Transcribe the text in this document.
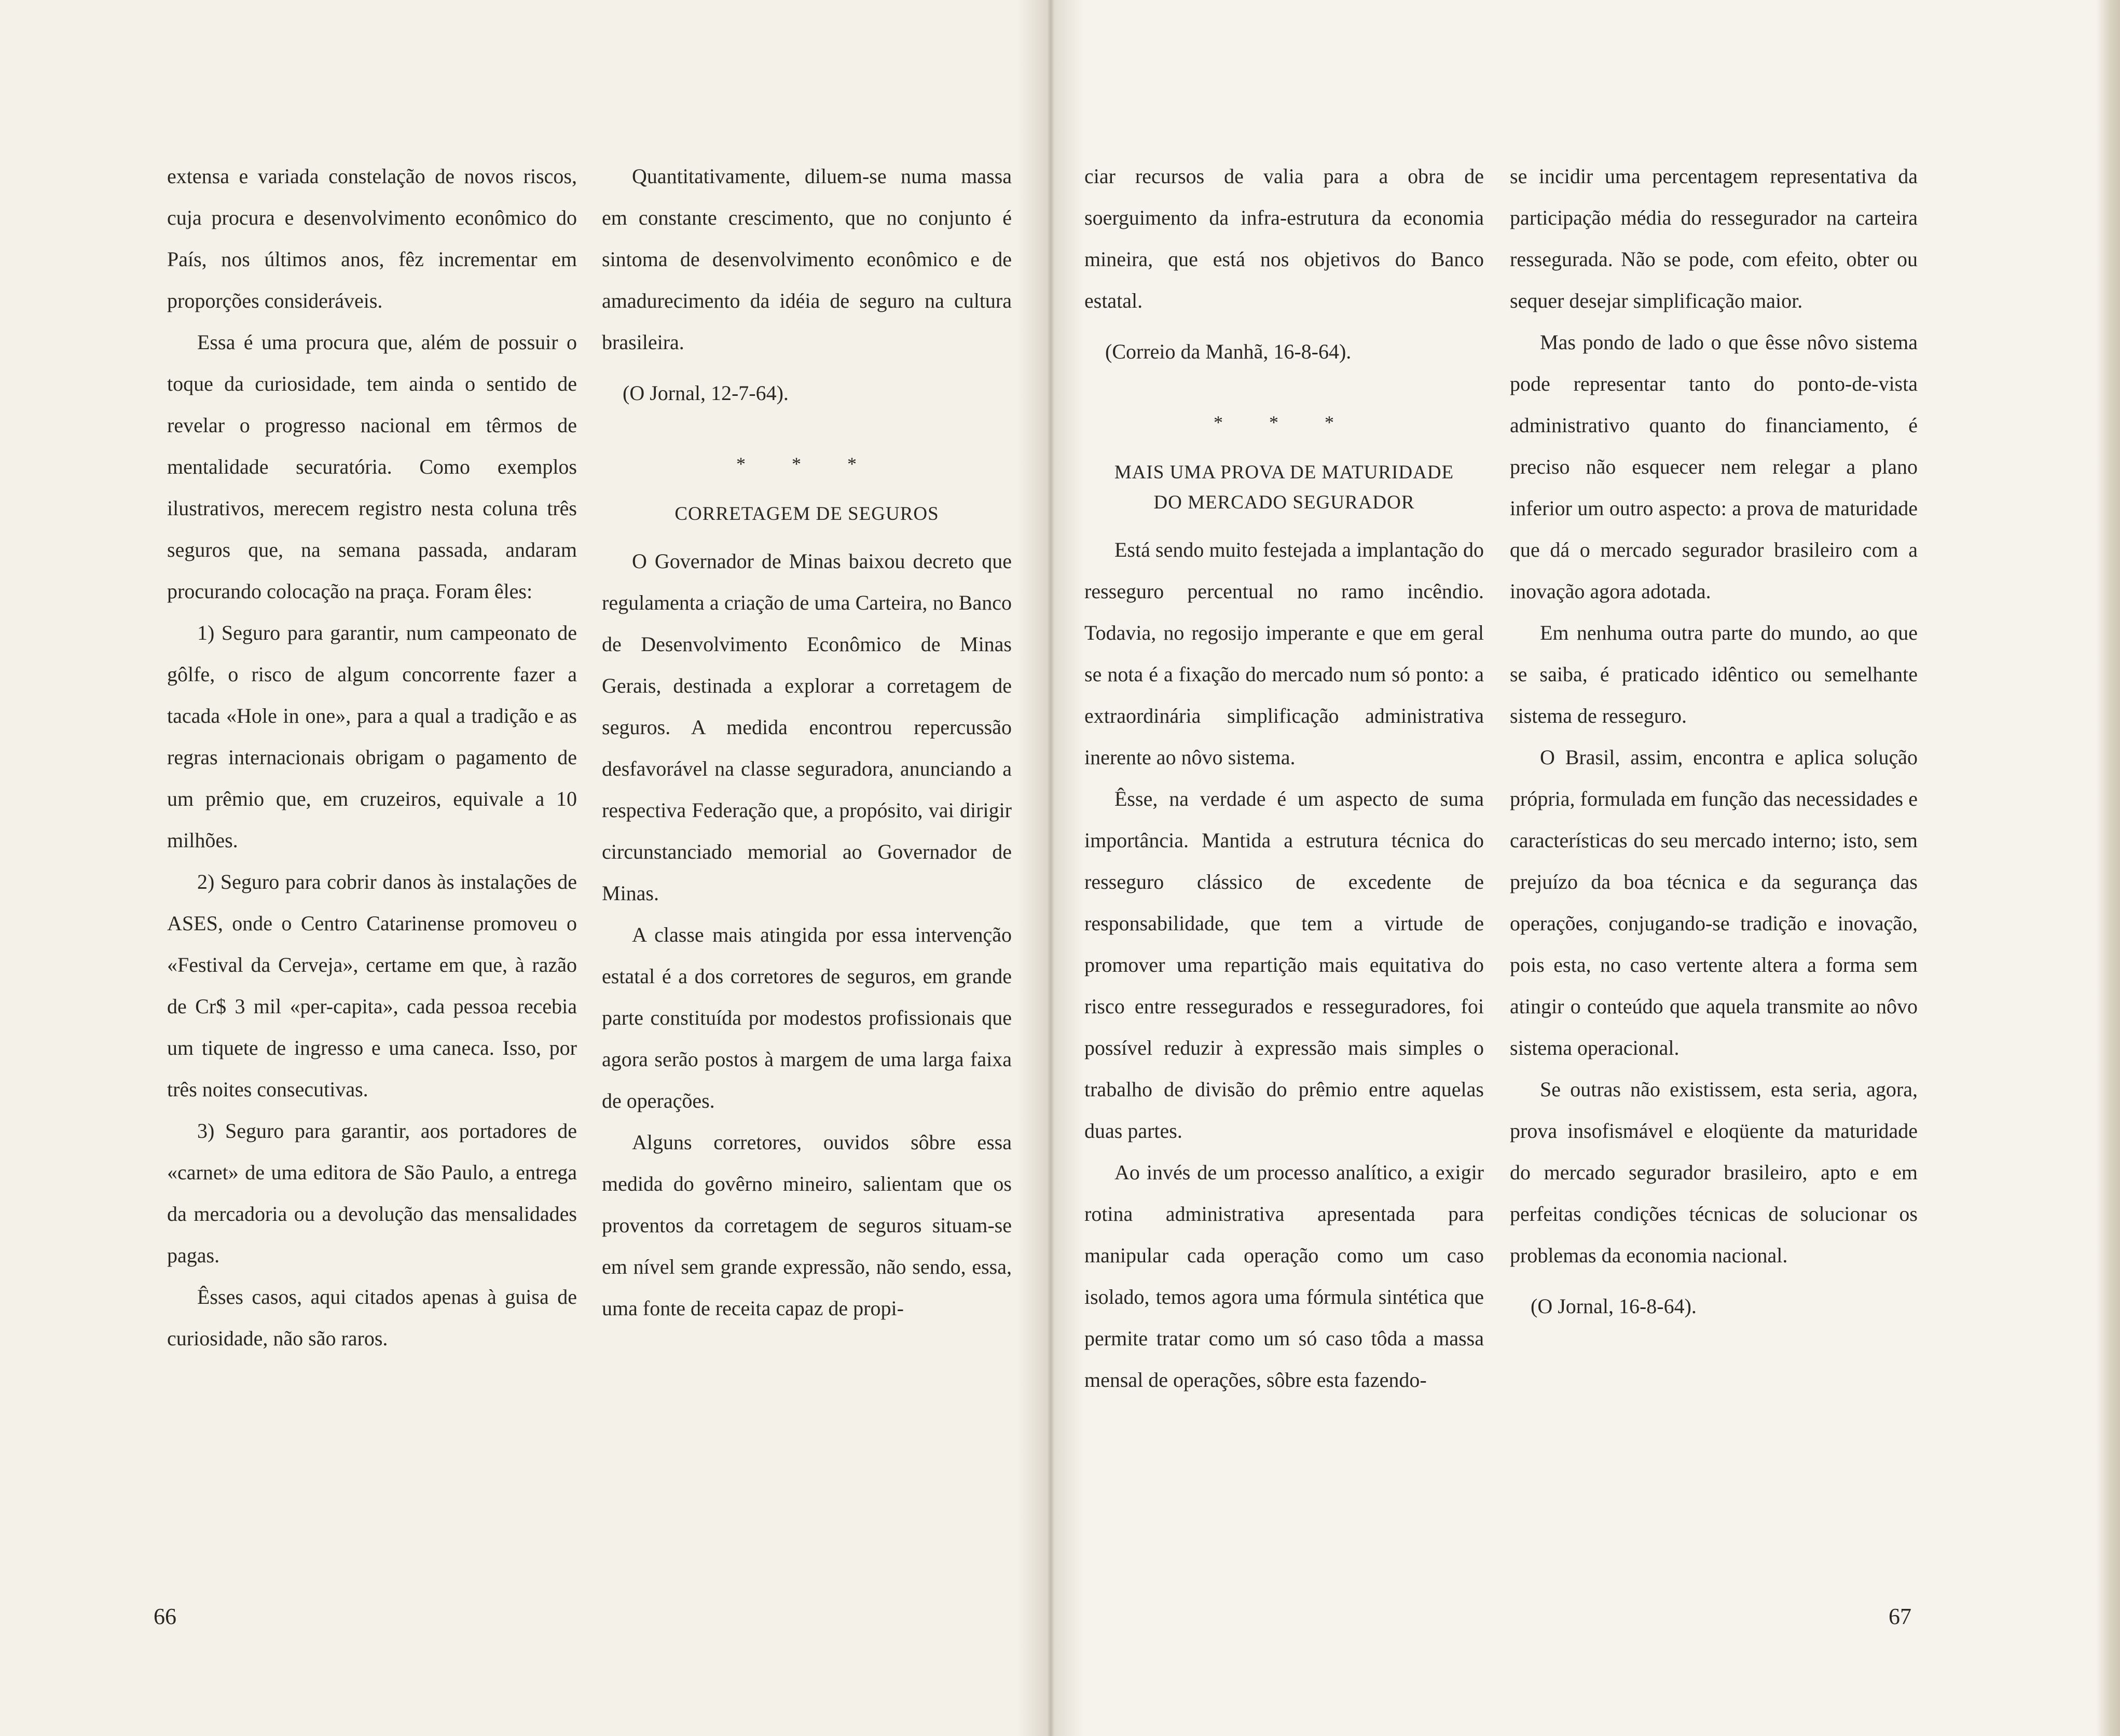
extensa e variada constelação de novos riscos, cuja procura e desenvolvimento econômico do País, nos últimos anos, fêz incrementar em proporções consideráveis.

Essa é uma procura que, além de possuir o toque da curiosidade, tem ainda o sentido de revelar o progresso nacional em têrmos de mentalidade securatória. Como exemplos ilustrativos, merecem registro nesta coluna três seguros que, na semana passada, andaram procurando colocação na praça. Foram êles:

1) Seguro para garantir, num campeonato de gôlfe, o risco de algum concorrente fazer a tacada «Hole in one», para a qual a tradição e as regras internacionais obrigam o pagamento de um prêmio que, em cruzeiros, equivale a 10 milhões.

2) Seguro para cobrir danos às instalações de ASES, onde o Centro Catarinense promoveu o «Festival da Cerveja», certame em que, à razão de Cr$ 3 mil «per-capita», cada pessoa recebia um tiquete de ingresso e uma caneca. Isso, por três noites consecutivas.

3) Seguro para garantir, aos portadores de «carnet» de uma editora de São Paulo, a entrega da mercadoria ou a devolução das mensalidades pagas.

Êsses casos, aqui citados apenas à guisa de curiosidade, não são raros.

Quantitativamente, diluem-se numa massa em constante crescimento, que no conjunto é sintoma de desenvolvimento econômico e de amadurecimento da idéia de seguro na cultura brasileira.

(O Jornal, 12-7-64).

* * *

CORRETAGEM DE SEGUROS

O Governador de Minas baixou decreto que regulamenta a criação de uma Carteira, no Banco de Desenvolvimento Econômico de Minas Gerais, destinada a explorar a corretagem de seguros. A medida encontrou repercussão desfavorável na classe seguradora, anunciando a respectiva Federação que, a propósito, vai dirigir circunstanciado memorial ao Governador de Minas.

A classe mais atingida por essa intervenção estatal é a dos corretores de seguros, em grande parte constituída por modestos profissionais que agora serão postos à margem de uma larga faixa de operações.

Alguns corretores, ouvidos sôbre essa medida do govêrno mineiro, salientam que os proventos da corretagem de seguros situam-se em nível sem grande expressão, não sendo, essa, uma fonte de receita capaz de propi-

66	67

ciar recursos de valia para a obra de soerguimento da infra-estrutura da economia mineira, que está nos objetivos do Banco estatal.

(Correio da Manhã, 16-8-64).

* * *

MAIS UMA PROVA DE MATURIDADE
DO MERCADO SEGURADOR

Está sendo muito festejada a implantação do resseguro percentual no ramo incêndio. Todavia, no regosijo imperante e que em geral se nota é a fixação do mercado num só ponto: a extraordinária simplificação administrativa inerente ao nôvo sistema.

Êsse, na verdade é um aspecto de suma importância. Mantida a estrutura técnica do resseguro clássico de excedente de responsabilidade, que tem a virtude de promover uma repartição mais equitativa do risco entre ressegurados e resseguradores, foi possível reduzir à expressão mais simples o trabalho de divisão do prêmio entre aquelas duas partes.

Ao invés de um processo analítico, a exigir rotina administrativa apresentada para manipular cada operação como um caso isolado, temos agora uma fórmula sintética que permite tratar como um só caso tôda a massa mensal de operações, sôbre esta fazendo-

se incidir uma percentagem representativa da participação média do ressegurador na carteira ressegurada. Não se pode, com efeito, obter ou sequer desejar simplificação maior.

Mas pondo de lado o que êsse nôvo sistema pode representar tanto do ponto-de-vista administrativo quanto do financiamento, é preciso não esquecer nem relegar a plano inferior um outro aspecto: a prova de maturidade que dá o mercado segurador brasileiro com a inovação agora adotada.

Em nenhuma outra parte do mundo, ao que se saiba, é praticado idêntico ou semelhante sistema de resseguro.

O Brasil, assim, encontra e aplica solução própria, formulada em função das necessidades e características do seu mercado interno; isto, sem prejuízo da boa técnica e da segurança das operações, conjugando-se tradição e inovação, pois esta, no caso vertente altera a forma sem atingir o conteúdo que aquela transmite ao nôvo sistema operacional.

Se outras não existissem, esta seria, agora, prova insofismável e eloqüente da maturidade do mercado segurador brasileiro, apto e em perfeitas condições técnicas de solucionar os problemas da economia nacional.

(O Jornal, 16-8-64).
